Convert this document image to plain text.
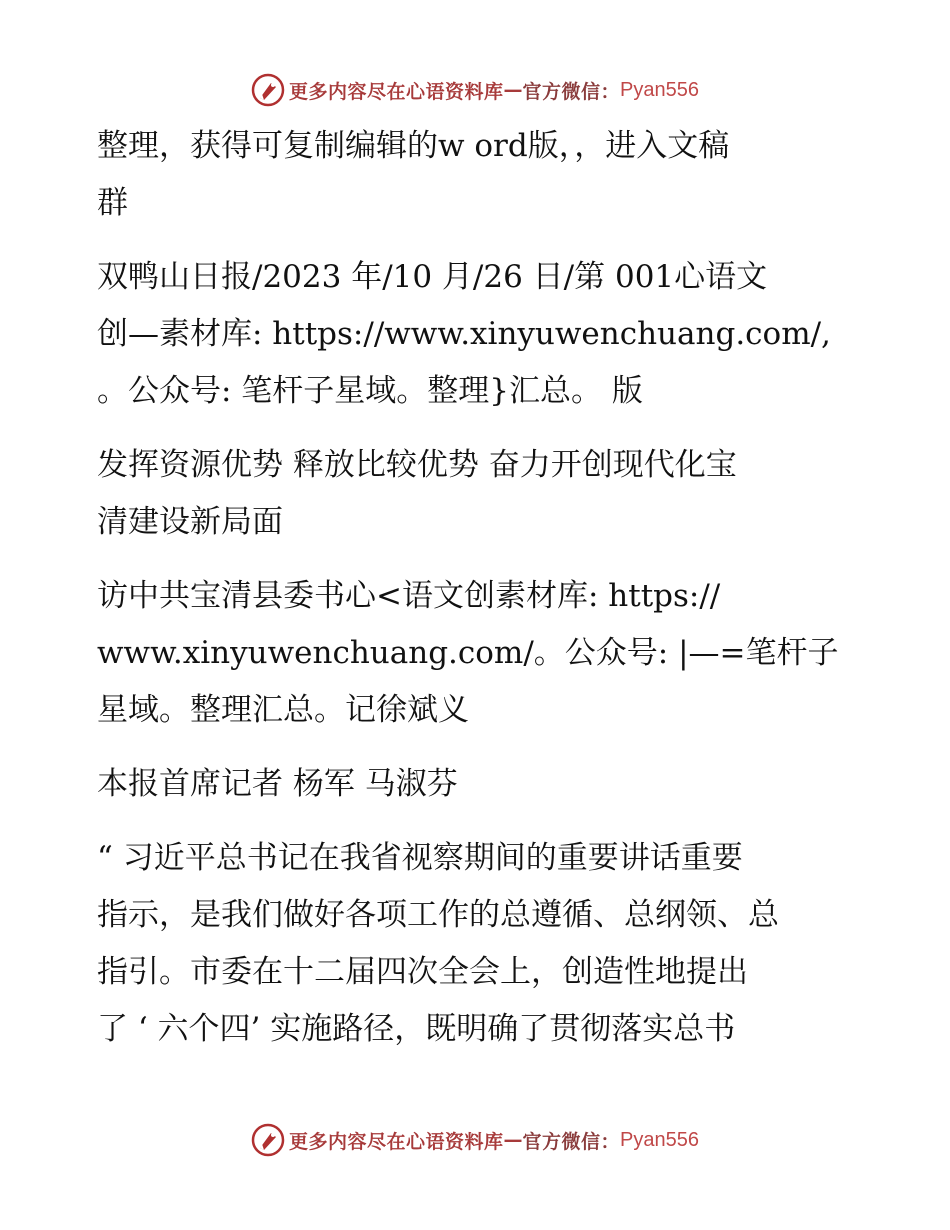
更多内容尽在心语资料库 — 官方微信： Pyan556
整理，获得可复制编辑的w ord版，，进入文稿
群
双鸭山日报/2023 年/10 月/26 日/第 001心语文
创—素材库: https://www.xinyuwenchuang.com/,
。公众号: 笔杆子星域。整理}汇总。 版
发挥资源优势 释放比较优势 奋力开创现代化宝
清建设新局面
访中共宝清县委书心<语文创素材库: https://
www.xinyuwenchuang.com/。公众号: |—=笔杆子
星域。整理汇总。记徐斌义
本报首席记者 杨军 马淑芬
“ 习近平总书记在我省视察期间的重要讲话重要
指示，是我们做好各项工作的总遵循、总纲领、总
指引。市委在十二届四次全会上，创造性地提出
了 ‘ 六个四’ 实施路径，既明确了贯彻落实总书
更多内容尽在心语资料库 — 官方微信： Pyan556
